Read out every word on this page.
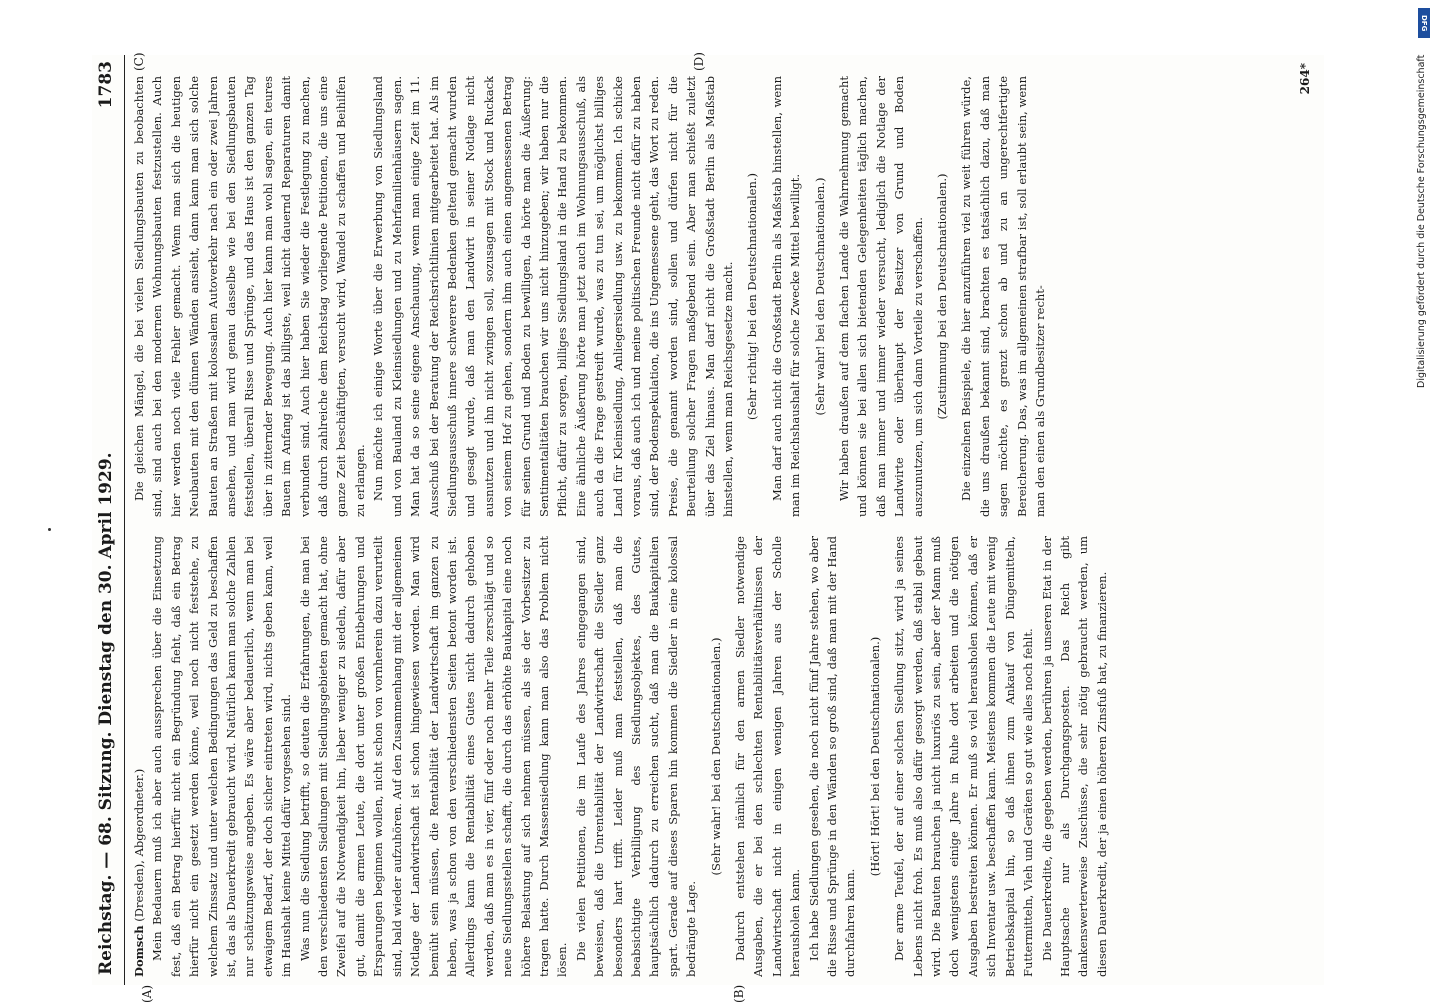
Reichstag. — 68. Sitzung. Dienstag den 30. April 1929.
1783
(A)	(B)
(C)	(D)

Domsch (Dresden), Abgeordneter.) Mein Bedauern muß ich aber auch aussprechen über die Einsetzung fest, daß ein Betrag hierfür nicht ein Begründung fieht, daß ein Betrag hierfür nicht ein gesetzt werden könne, weil noch nicht feststehe, zu welchem Zinssatz und unter welchen Bedingungen das Geld zu beschaffen ist, das als Dauerkredit gebraucht wird. Natürlich kann man solche Zahlen nur schätzungsweise angeben. Es wäre aber bedauerlich, wenn man bei etwaigem Bedarf, der doch sicher eintreten wird, nichts geben kann, weil im Haushalt keine Mittel dafür vorgesehen sind. Was nun die Siedlung betrifft, so deuten die Erfahrungen, die man bei den verschiedensten Siedlungen mit Siedlungsgebieten gemacht hat, ohne Zweifel auf die Notwendigkeit hin, lieber weniger zu siedeln, dafür aber gut, damit die armen Leute, die dort unter großen Entbehrungen und Ersparungen beginnen wollen, nicht schon von vornherein dazu verurteilt sind, bald wieder aufzuhören. Auf den Zusammenhang mit der allgemeinen Notlage der Landwirtschaft ist schon hingewiesen worden. Man wird bemüht sein müssen, die Rentabilität der Landwirtschaft im ganzen zu heben, was ja schon von den verschiedensten Seiten betont worden ist. Allerdings kann die Rentabilität eines Gutes nicht dadurch gehoben werden, daß man es in vier, fünf oder noch mehr Teile zerschlägt und so neue Siedlungsstellen schafft, die durch das erhöhte Baukapital eine noch höhere Belastung auf sich nehmen müssen, als sie der Vorbesitzer zu tragen hatte. Durch Massensiedlung kann man also das Problem nicht lösen. Die vielen Petitionen, die im Laufe des Jahres eingegangen sind, beweisen, daß die Unrentabilität der Landwirtschaft die Siedler ganz besonders hart trifft. Leider muß man feststellen, daß man die beabsichtigte Verbilligung des Siedlungsobjektes, des Gutes, hauptsächlich dadurch zu erreichen sucht, daß man die Baukapitalien spart. Gerade auf dieses Sparen hin kommen die Siedler in eine kolossal bedrängte Lage.

(Sehr wahr! bei den Deutschnationalen.) Dadurch entstehen nämlich für den armen Siedler notwendige Ausgaben, die er bei den schlechten Rentabilitätsverhältnissen der Landwirtschaft nicht in einigen wenigen Jahren aus der Scholle herausholen kann. Ich habe Siedlungen gesehen, die noch nicht fünf Jahre stehen, wo aber die Risse und Sprünge in den Wänden so groß sind, daß man mit der Hand durchfahren kann.

(Hört! Hört! bei den Deutschnationalen.) Der arme Teufel, der auf einer solchen Siedlung sitzt, wird ja seines Lebens nicht froh. Es muß also dafür gesorgt werden, daß stabil gebaut wird. Die Bauten brauchen ja nicht luxuriös zu sein, aber der Mann muß doch wenigstens einige Jahre in Ruhe dort arbeiten und die nötigen Ausgaben bestreiten können. Er muß so viel herausholen können, daß er sich Inventar usw. beschaffen kann. Meistens kommen die Leute mit wenig Betriebskapital hin, so daß ihnen zum Ankauf von Düngemitteln, Futtermitteln, Vieh und Geräten so gut wie alles noch fehlt. Die Dauerkredite, die gegeben werden, berühren ja unseren Etat in der Hauptsache nur als Durchgangsposten. Das Reich gibt dankenswerterweise Zuschüsse, die sehr nötig gebraucht werden, um diesen Dauerkredit, der ja einen höheren Zinsfuß hat, zu finanzieren.

Die gleichen Mängel, die bei vielen Siedlungsbauten zu beobachten sind, sind auch bei den modernen Wohnungsbauten festzustellen. Auch hier werden noch viele Fehler gemacht. Wenn man sich die heutigen Neubauten mit den dünnen Wänden ansieht, dann kann man sich solche Bauten an Straßen mit kolossalem Autoverkehr nach ein oder zwei Jahren ansehen, und man wird genau dasselbe wie bei den Siedlungsbauten feststellen, überall Risse und Sprünge, und das Haus ist den ganzen Tag über in zitternder Bewegung. Auch hier kann man wohl sagen, ein teures Bauen im Anfang ist das billigste, weil nicht dauernd Reparaturen damit verbunden sind. Auch hier haben Sie wieder die Festlegung zu machen, daß durch zahlreiche dem Reichstag vorliegende Petitionen, die uns eine ganze Zeit beschäftigten, versucht wird, Wandel zu schaffen und Beihilfen zu erlangen. Nun möchte ich einige Worte über die Erwerbung von Siedlungsland und von Bauland zu Kleinsiedlungen und zu Mehrfamilienhäusern sagen. Man hat da so seine eigene Anschauung, wenn man einige Zeit im 11. Ausschuß bei der Beratung der Reichsrichtlinien mitgearbeitet hat. Als im Siedlungsausschuß innere schwerere Bedenken geltend gemacht wurden und gesagt wurde, daß man den Landwirt in seiner Notlage nicht ausnutzen und ihn nicht zwingen soll, sozusagen mit Stock und Ruckack von seinem Hof zu gehen, sondern ihm auch einen angemessenen Betrag für seinen Grund und Boden zu bewilligen, da hörte man die Äußerung: Sentimentalitäten brauchen wir uns nicht hinzugeben; wir haben nur die Pflicht, dafür zu sorgen, billiges Siedlungsland in die Hand zu bekommen. Eine ähnliche Äußerung hörte man jetzt auch im Wohnungsausschuß, als auch da die Frage gestreift wurde, was zu tun sei, um möglichst billiges Land für Kleinsiedlung, Anliegersiedlung usw. zu bekommen. Ich schicke voraus, daß auch ich und meine politischen Freunde nicht dafür zu haben sind, der Bodenspekulation, die ins Ungemessene geht, das Wort zu reden. Preise, die genannt worden sind, sollen und dürfen nicht für die Beurteilung solcher Fragen maßgebend sein. Aber man schießt zuletzt über das Ziel hinaus. Man darf nicht die Großstadt Berlin als Maßstab hinstellen, wenn man Reichsgesetze macht. (Sehr richtig! bei den Deutschnationalen.) Man darf auch nicht die Großstadt Berlin als Maßstab hinstellen, wenn man im Reichshaushalt für solche Zwecke Mittel bewilligt. (Sehr wahr! bei den Deutschnationalen.) Wir haben draußen auf dem flachen Lande die Wahrnehmung gemacht und können sie bei allen sich bietenden Gelegenheiten täglich machen, daß man immer und immer wieder versucht, lediglich die Notlage der Landwirte oder überhaupt der Besitzer von Grund und Boden auszunutzen, um sich dann Vorteile zu verschaffen. (Zustimmung bei den Deutschnationalen.) Die einzelnen Beispiele, die hier anzuführen viel zu weit führen würde, die uns draußen bekannt sind, brachten es tatsächlich dazu, daß man sagen möchte, es grenzt schon ab und zu an ungerechtfertigte Bereicherung. Das, was im allgemeinen strafbar ist, soll erlaubt sein, wenn man den einen als Grundbesitzer recht-

264*
DFG
Digitalisierung gefördert durch die Deutsche Forschungsgemeinschaft
